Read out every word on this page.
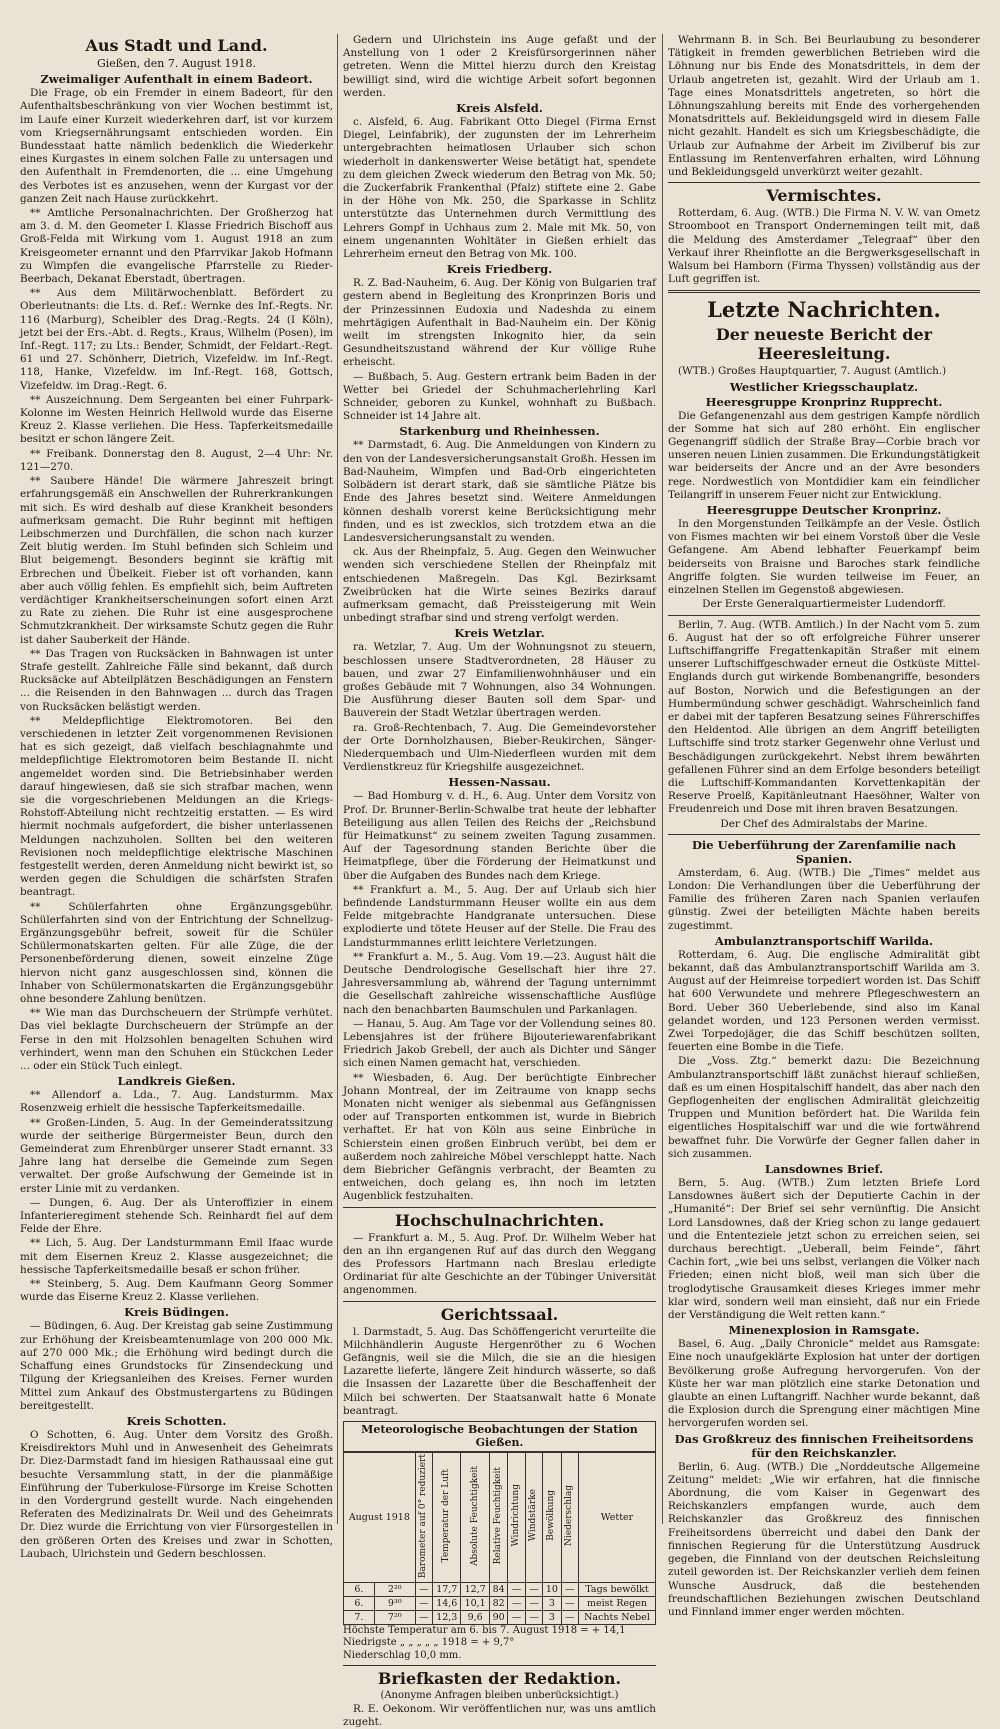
Aus Stadt und Land.
Gießen, den 7. August 1918.
Zweimaliger Aufenthalt in einem Badeort.

Die Frage, ob ein Fremder in einem Badeort, für den Aufenthaltsbeschränkung von vier Wochen bestimmt ist, im Laufe einer Kurzeit wiederkehren darf, ist vor kurzem vom Kriegsernährungsamt entschieden worden. Ein Bundesstaat hatte nämlich bedenklich die Wiederkehr eines Kurgastes in einem solchen Falle zu untersagen und den Aufenthalt in Fremdenorten, die ... eine Umgehung des Verbotes ist es anzusehen, wenn der Kurgast vor der ganzen Zeit nach Hause zurückkehrt.

** Amtliche Personalnachrichten. Der Großherzog hat am 3. d. M. den Geometer I. Klasse Friedrich Bischoff aus Groß-Felda mit Wirkung vom 1. August 1918 an zum Kreisgeometer ernannt und den Pfarrvikar Jakob Hofmann zu Wimpfen die evangelische Pfarrstelle zu Rieder-Beerbach, Dekanat Eberstadt, übertragen.

** Aus dem Militärwochenblatt. Befördert zu Oberleutnants: die Lts. d. Ref.: Wernke des Inf.-Regts. Nr. 116 (Marburg), Scheibler des Drag.-Regts. 24 (I Köln), jetzt bei der Ers.-Abt. d. Regts., Kraus, Wilhelm (Posen), im Inf.-Regt. 117; zu Lts.: Bender, Schmidt, der Feldart.-Regt. 61 und 27. Schönherr, Dietrich, Vizefeldw. im Inf.-Regt. 118, Hanke, Vizefeldw. im Inf.-Regt. 168, Gottsch, Vizefeldw. im Drag.-Regt. 6.

** Auszeichnung. Dem Sergeanten bei einer Fuhrpark-Kolonne im Westen Heinrich Hellwold wurde das Eiserne Kreuz 2. Klasse verliehen. Die Hess. Tapferkeitsmedaille besitzt er schon längere Zeit.

** Freibank. Donnerstag den 8. August, 2—4 Uhr: Nr. 121—270.

** Saubere Hände! Die wärmere Jahreszeit bringt erfahrungsgemäß ein Anschwellen der Ruhrerkrankungen mit sich. Es wird deshalb auf diese Krankheit besonders aufmerksam gemacht. Die Ruhr beginnt mit heftigen Leibschmerzen und Durchfällen, die schon nach kurzer Zeit blutig werden. Im Stuhl befinden sich Schleim und Blut beigemengt. Besonders beginnt sie kräftig mit Erbrechen und Übelkeit. Fieber ist oft vorhanden, kann aber auch völlig fehlen. Es empfiehlt sich, beim Auftreten verdächtiger Krankheitserscheinungen sofort einen Arzt zu Rate zu ziehen. Die Ruhr ist eine ausgesprochene Schmutzkrankheit. Der wirksamste Schutz gegen die Ruhr ist daher Sauberkeit der Hände.

** Das Tragen von Rucksäcken in Bahnwagen ist unter Strafe gestellt. Zahlreiche Fälle sind bekannt, daß durch Rucksäcke auf Abteilplätzen Beschädigungen an Fenstern ... die Reisenden in den Bahnwagen ... durch das Tragen von Rucksäcken belästigt werden.

** Meldepflichtige Elektromotoren. Bei den verschiedenen in letzter Zeit vorgenommenen Revisionen hat es sich gezeigt, daß vielfach beschlagnahmte und meldepflichtige Elektromotoren beim Bestande II. nicht angemeldet worden sind. Die Betriebsinhaber werden darauf hingewiesen, daß sie sich strafbar machen, wenn sie die vorgeschriebenen Meldungen an die Kriegs-Rohstoff-Abteilung nicht rechtzeitig erstatten. — Es wird hiermit nochmals aufgefordert, die bisher unterlassenen Meldungen nachzuholen. Sollten bei den weiteren Revisionen noch meldepflichtige elektrische Maschinen festgestellt werden, deren Anmeldung nicht bewirkt ist, so werden gegen die Schuldigen die schärfsten Strafen beantragt.

** Schülerfahrten ohne Ergänzungsgebühr. Schülerfahrten sind von der Entrichtung der Schnellzug-Ergänzungsgebühr befreit, soweit für die Schüler Schülermonatskarten gelten. Für alle Züge, die der Personenbeförderung dienen, soweit einzelne Züge hiervon nicht ganz ausgeschlossen sind, können die Inhaber von Schülermonatskarten die Ergänzungsgebühr ohne besondere Zahlung benützen.

** Wie man das Durchscheuern der Strümpfe verhütet. Das viel beklagte Durchscheuern der Strümpfe an der Ferse in den mit Holzsohlen benagelten Schuhen wird verhindert, wenn man den Schuhen ein Stückchen Leder ... oder ein Stück Tuch einlegt.

Landkreis Gießen.

** Allendorf a. Lda., 7. Aug. Landsturmm. Max Rosenzweig erhielt die hessische Tapferkeitsmedaille.

** Großen-Linden, 5. Aug. In der Gemeinderatssitzung wurde der seitherige Bürgermeister Beun, durch den Gemeinderat zum Ehrenbürger unserer Stadt ernannt. 33 Jahre lang hat derselbe die Gemeinde zum Segen verwaltet. Der große Aufschwung der Gemeinde ist in erster Linie mit zu verdanken.

— Dungen, 6. Aug. Der als Unteroffizier in einem Infanterieregiment stehende Sch. Reinhardt fiel auf dem Felde der Ehre.

** Lich, 5. Aug. Der Landsturmmann Emil Ifaac wurde mit dem Eisernen Kreuz 2. Klasse ausgezeichnet; die hessische Tapferkeitsmedaille besaß er schon früher.

** Steinberg, 5. Aug. Dem Kaufmann Georg Sommer wurde das Eiserne Kreuz 2. Klasse verliehen.

Kreis Büdingen.

— Büdingen, 6. Aug. Der Kreistag gab seine Zustimmung zur Erhöhung der Kreisbeamtenumlage von 200 000 Mk. auf 270 000 Mk.; die Erhöhung wird bedingt durch die Schaffung eines Grundstocks für Zinsendeckung und Tilgung der Kriegsanleihen des Kreises. Ferner wurden Mittel zum Ankauf des Obstmustergartens zu Büdingen bereitgestellt.

Kreis Schotten.

O Schotten, 6. Aug. Unter dem Vorsitz des Großh. Kreisdirektors Muhl und in Anwesenheit des Geheimrats Dr. Diez-Darmstadt fand im hiesigen Rathaussaal eine gut besuchte Versammlung statt, in der die planmäßige Einführung der Tuberkulose-Fürsorge im Kreise Schotten in den Vordergrund gestellt wurde. Nach eingehenden Referaten des Medizinalrats Dr. Weil und des Geheimrats Dr. Diez wurde die Errichtung von vier Fürsorgestellen in den größeren Orten des Kreises und zwar in Schotten, Laubach, Ulrichstein und Gedern beschlossen.

Gedern und Ulrichstein ins Auge gefaßt und der Anstellung von 1 oder 2 Kreisfürsorgerinnen näher getreten. Wenn die Mittel hierzu durch den Kreistag bewilligt sind, wird die wichtige Arbeit sofort begonnen werden.

Kreis Alsfeld.

c. Alsfeld, 6. Aug. Fabrikant Otto Diegel (Firma Ernst Diegel, Leinfabrik), der zugunsten der im Lehrerheim untergebrachten heimatlosen Urlauber sich schon wiederholt in dankenswerter Weise betätigt hat, spendete zu dem gleichen Zweck wiederum den Betrag von Mk. 50; die Zuckerfabrik Frankenthal (Pfalz) stiftete eine 2. Gabe in der Höhe von Mk. 250, die Sparkasse in Schlitz unterstützte das Unternehmen durch Vermittlung des Lehrers Gompf in Uchhaus zum 2. Male mit Mk. 50, von einem ungenannten Wohltäter in Gießen erhielt das Lehrerheim erneut den Betrag von Mk. 100.

Kreis Friedberg.

R. Z. Bad-Nauheim, 6. Aug. Der König von Bulgarien traf gestern abend in Begleitung des Kronprinzen Boris und der Prinzessinnen Eudoxia und Nadeshda zu einem mehrtägigen Aufenthalt in Bad-Nauheim ein. Der König weilt im strengsten Inkognito hier, da sein Gesundheitszustand während der Kur völlige Ruhe erheischt.

— Bußbach, 5. Aug. Gestern ertrank beim Baden in der Wetter bei Griedel der Schuhmacherlehrling Karl Schneider, geboren zu Kunkel, wohnhaft zu Bußbach. Schneider ist 14 Jahre alt.

Starkenburg und Rheinhessen.

** Darmstadt, 6. Aug. Die Anmeldungen von Kindern zu den von der Landesversicherungsanstalt Großh. Hessen im Bad-Nauheim, Wimpfen und Bad-Orb eingerichteten Solbädern ist derart stark, daß sie sämtliche Plätze bis Ende des Jahres besetzt sind. Weitere Anmeldungen können deshalb vorerst keine Berücksichtigung mehr finden, und es ist zwecklos, sich trotzdem etwa an die Landesversicherungsanstalt zu wenden.

ck. Aus der Rheinpfalz, 5. Aug. Gegen den Weinwucher wenden sich verschiedene Stellen der Rheinpfalz mit entschiedenen Maßregeln. Das Kgl. Bezirksamt Zweibrücken hat die Wirte seines Bezirks darauf aufmerksam gemacht, daß Preissteigerung mit Wein unbedingt strafbar sind und streng verfolgt werden.

Kreis Wetzlar.

ra. Wetzlar, 7. Aug. Um der Wohnungsnot zu steuern, beschlossen unsere Stadtverordneten, 28 Häuser zu bauen, und zwar 27 Einfamilienwohnhäuser und ein großes Gebäude mit 7 Wohnungen, also 34 Wohnungen. Die Ausführung dieser Bauten soll dem Spar- und Bauverein der Stadt Wetzlar übertragen werden.

ra. Groß-Rechtenbach, 7. Aug. Die Gemeindevorsteher der Orte Dornholzhausen, Bieber-Reukirchen, Sänger-Niederquembach und Ulm-Niederfleen wurden mit dem Verdienstkreuz für Kriegshilfe ausgezeichnet.

Hessen-Nassau.

— Bad Homburg v. d. H., 6. Aug. Unter dem Vorsitz von Prof. Dr. Brunner-Berlin-Schwalbe trat heute der lebhafter Beteiligung aus allen Teilen des Reichs der „Reichsbund für Heimatkunst“ zu seinem zweiten Tagung zusammen. Auf der Tagesordnung standen Berichte über die Heimatpflege, über die Förderung der Heimatkunst und über die Aufgaben des Bundes nach dem Kriege.

** Frankfurt a. M., 5. Aug. Der auf Urlaub sich hier befindende Landsturmmann Heuser wollte ein aus dem Felde mitgebrachte Handgranate untersuchen. Diese explodierte und tötete Heuser auf der Stelle. Die Frau des Landsturmmannes erlitt leichtere Verletzungen.

** Frankfurt a. M., 5. Aug. Vom 19.—23. August hält die Deutsche Dendrologische Gesellschaft hier ihre 27. Jahresversammlung ab, während der Tagung unternimmt die Gesellschaft zahlreiche wissenschaftliche Ausflüge nach den benachbarten Baumschulen und Parkanlagen.

— Hanau, 5. Aug. Am Tage vor der Vollendung seines 80. Lebensjahres ist der frühere Bijouteriewarenfabrikant Friedrich Jakob Grebell, der auch als Dichter und Sänger sich einen Namen gemacht hat, verschieden.

** Wiesbaden, 6. Aug. Der berüchtigte Einbrecher Johann Montreal, der im Zeitraume von knapp sechs Monaten nicht weniger als siebenmal aus Gefängnissen oder auf Transporten entkommen ist, wurde in Biebrich verhaftet. Er hat von Köln aus seine Einbrüche in Schierstein einen großen Einbruch verübt, bei dem er außerdem noch zahlreiche Möbel verschleppt hatte. Nach dem Biebricher Gefängnis verbracht, der Beamten zu entweichen, doch gelang es, ihn noch im letzten Augenblick festzuhalten.

Hochschulnachrichten.

— Frankfurt a. M., 5. Aug. Prof. Dr. Wilhelm Weber hat den an ihn ergangenen Ruf auf das durch den Weggang des Professors Hartmann nach Breslau erledigte Ordinariat für alte Geschichte an der Tübinger Universität angenommen.

Gerichtssaal.

l. Darmstadt, 5. Aug. Das Schöffengericht verurteilte die Milchhändlerin Auguste Hergenröther zu 6 Wochen Gefängnis, weil sie die Milch, die sie an die hiesigen Lazarette lieferte, längere Zeit hindurch wässerte, so daß die Insassen der Lazarette über die Beschaffenheit der Milch bei schwerten. Der Staatsanwalt hatte 6 Monate beantragt.

Meteorologische Beobachtungen der Station Gießen.
August 1918		Barometer auf 0° reduziert	Temperatur der Luft	Absolute Feuchtigkeit	Relative Feuchtigkeit	Windrichtung	Windstärke	Bewölkung	Niederschlag	Wetter
6.	2²⁰	—	17,7	12,7	84	—	—	10	—	Tags bewölkt
6.	9³⁰	—	14,6	10,1	82	—	—	3	—	meist Regen
7.	7²⁰	—	12,3	9,6	90	—	—	3	—	Nachts Nebel
Höchste Temperatur am 6. bis 7. August 1918 = + 14,1
Niedrigste „ „ „ „ „ 1918 = + 9,7°
Niederschlag 10,0 mm.
Briefkasten der Redaktion.
(Anonyme Anfragen bleiben unberücksichtigt.)

R. E. Oekonom. Wir veröffentlichen nur, was uns amtlich zugeht.

Wehrmann B. in Sch. Bei Beurlaubung zu besonderer Tätigkeit in fremden gewerblichen Betrieben wird die Löhnung nur bis Ende des Monatsdrittels, in dem der Urlaub angetreten ist, gezahlt. Wird der Urlaub am 1. Tage eines Monatsdrittels angetreten, so hört die Löhnungszahlung bereits mit Ende des vorhergehenden Monatsdrittels auf. Bekleidungsgeld wird in diesem Falle nicht gezahlt. Handelt es sich um Kriegsbeschädigte, die Urlaub zur Aufnahme der Arbeit im Zivilberuf bis zur Entlassung im Rentenverfahren erhalten, wird Löhnung und Bekleidungsgeld unverkürzt weiter gezahlt.

Vermischtes.

Rotterdam, 6. Aug. (WTB.) Die Firma N. V. W. van Ometz Stroomboot en Transport Ondernemingen teilt mit, daß die Meldung des Amsterdamer „Telegraaf“ über den Verkauf ihrer Rheinflotte an die Bergwerksgesellschaft in Walsum bei Hamborn (Firma Thyssen) vollständig aus der Luft gegriffen ist.

Letzte Nachrichten.
Der neueste Bericht der Heeresleitung.

(WTB.) Großes Hauptquartier, 7. August (Amtlich.)

Westlicher Kriegsschauplatz.
Heeresgruppe Kronprinz Rupprecht.

Die Gefangenenzahl aus dem gestrigen Kampfe nördlich der Somme hat sich auf 280 erhöht. Ein englischer Gegenangriff südlich der Straße Bray—Corbie brach vor unseren neuen Linien zusammen. Die Erkundungstätigkeit war beiderseits der Ancre und an der Avre besonders rege. Nordwestlich von Montdidier kam ein feindlicher Teilangriff in unserem Feuer nicht zur Entwicklung.

Heeresgruppe Deutscher Kronprinz.

In den Morgenstunden Teilkämpfe an der Vesle. Östlich von Fismes machten wir bei einem Vorstoß über die Vesle Gefangene. Am Abend lebhafter Feuerkampf beim beiderseits von Braisne und Baroches stark feindliche Angriffe folgten. Sie wurden teilweise im Feuer, an einzelnen Stellen im Gegenstoß abgewiesen.

Der Erste Generalquartiermeister Ludendorff.

Berlin, 7. Aug. (WTB. Amtlich.) In der Nacht vom 5. zum 6. August hat der so oft erfolgreiche Führer unserer Luftschiffangriffe Fregattenkapitän Straßer mit einem unserer Luftschiffgeschwader erneut die Ostküste Mittel-Englands durch gut wirkende Bombenangriffe, besonders auf Boston, Norwich und die Befestigungen an der Humbermündung schwer geschädigt. Wahrscheinlich fand er dabei mit der tapferen Besatzung seines Führerschiffes den Heldentod. Alle übrigen an dem Angriff beteiligten Luftschiffe sind trotz starker Gegenwehr ohne Verlust und Beschädigungen zurückgekehrt. Nebst ihrem bewährten gefallenen Führer sind an dem Erfolge besonders beteiligt die Luftschiff-Kommandanten Korvettenkapitän der Reserve Proelß, Kapitänleutnant Haesöhner, Walter von Freudenreich und Dose mit ihren braven Besatzungen.

Der Chef des Admiralstabs der Marine.

Die Ueberführung der Zarenfamilie nach Spanien.

Amsterdam, 6. Aug. (WTB.) Die „Times“ meldet aus London: Die Verhandlungen über die Ueberführung der Familie des früheren Zaren nach Spanien verlaufen günstig. Zwei der beteiligten Mächte haben bereits zugestimmt.

Ambulanztransportschiff Warilda.

Rotterdam, 6. Aug. Die englische Admiralität gibt bekannt, daß das Ambulanztransportschiff Warilda am 3. August auf der Heimreise torpediert worden ist. Das Schiff hat 600 Verwundete und mehrere Pflegeschwestern an Bord. Ueber 360 Ueberlebende, sind also im Kanal gelandet worden, und 123 Personen werden vermisst. Zwei Torpedojäger, die das Schiff beschützen sollten, feuerten eine Bombe in die Tiefe.

Die „Voss. Ztg.“ bemerkt dazu: Die Bezeichnung Ambulanztransportschiff läßt zunächst hierauf schließen, daß es um einen Hospitalschiff handelt, das aber nach den Gepflogenheiten der englischen Admiralität gleichzeitig Truppen und Munition befördert hat. Die Warilda fein eigentliches Hospitalschiff war und die wie fortwährend bewaffnet fuhr. Die Vorwürfe der Gegner fallen daher in sich zusammen.

Lansdownes Brief.

Bern, 5. Aug. (WTB.) Zum letzten Briefe Lord Lansdownes äußert sich der Deputierte Cachin in der „Humanité“: Der Brief sei sehr vernünftig. Die Ansicht Lord Lansdownes, daß der Krieg schon zu lange gedauert und die Ententeziele jetzt schon zu erreichen seien, sei durchaus berechtigt. „Ueberall, beim Feinde“, fährt Cachin fort, „wie bei uns selbst, verlangen die Völker nach Frieden; einen nicht bloß, weil man sich über die troglodytische Grausamkeit dieses Krieges immer mehr klar wird, sondern weil man einsieht, daß nur ein Friede der Verständigung die Welt retten kann.“

Minenexplosion in Ramsgate.

Basel, 6. Aug. „Daily Chronicle“ meldet aus Ramsgate: Eine noch unaufgeklärte Explosion hat unter der dortigen Bevölkerung große Aufregung hervorgerufen. Von der Küste her war man plötzlich eine starke Detonation und glaubte an einen Luftangriff. Nachher wurde bekannt, daß die Explosion durch die Sprengung einer mächtigen Mine hervorgerufen worden sei.

Das Großkreuz des finnischen Freiheitsordens für den Reichskanzler.

Berlin, 6. Aug. (WTB.) Die „Norddeutsche Allgemeine Zeitung“ meldet: „Wie wir erfahren, hat die finnische Abordnung, die vom Kaiser in Gegenwart des Reichskanzlers empfangen wurde, auch dem Reichskanzler das Großkreuz des finnischen Freiheitsordens überreicht und dabei den Dank der finnischen Regierung für die Unterstützung Ausdruck gegeben, die Finnland von der deutschen Reichsleitung zuteil geworden ist. Der Reichskanzler verlieh dem feinen Wunsche Ausdruck, daß die bestehenden freundschaftlichen Beziehungen zwischen Deutschland und Finnland immer enger werden möchten.
